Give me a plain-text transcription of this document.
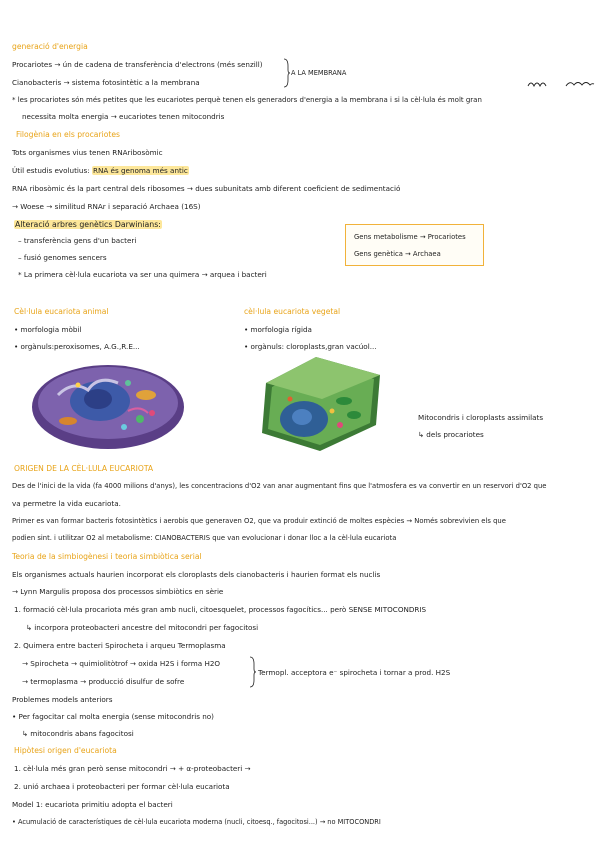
generació d'energia
Procariotes → ún de cadena de transferència d'electrons (més senzill)
Cianobacteris → sistema fotosintètic a la membrana
A LA MEMBRANA
* les procariotes són més petites que les eucariotes perquè tenen els generadors d'energia a la membrana i si la cèl·lula és molt gran
necessita molta energia → eucariotes tenen mitocondris
Filogènia en els procariotes
Tots organismes vius tenen RNAribosòmic
Útil estudis evolutius: RNA és genoma més antic
RNA ribosòmic és la part central dels ribosomes → dues subunitats amb diferent coeficient de sedimentació
→ Woese → similitud RNAr i separació Archaea (16S)
Alteració arbres genètics Darwinians:
– transferència gens d'un bacteri
– fusió genomes sencers
* La primera cèl·lula eucariota va ser una quimera → arquea i bacteri
Gens metabolisme → Procariotes
Gens genètica → Archaea
Cèl·lula eucariota animal
• morfologia mòbil
• orgànuls:peroxisomes, A.G.,R.E...
cèl·lula eucariota vegetal
• morfologia rígida
• orgànuls: cloroplasts,gran vacúol...
Mitocondris i cloroplasts assimilats
↳ dels procariotes
ORIGEN DE LA CÈL·LULA EUCARIOTA
Des de l'inici de la vida (fa 4000 milions d'anys), les concentracions d'O2 van anar augmentant fins que l'atmosfera es va convertir en un reservori d'O2 que
va permetre la vida eucariota.
Primer es van formar bacteris fotosintètics i aerobis que generaven O2, que va produir extinció de moltes espècies → Només sobrevivien els que
podien sint. i utilitzar O2 al metabolisme: CIANOBACTERIS que van evolucionar i donar lloc a la cèl·lula eucariota
Teoria de la simbiogènesi i teoria simbiòtica serial
Els organismes actuals haurien incorporat els cloroplasts dels cianobacteris i haurien format els nuclis
→ Lynn Margulis proposa dos processos simbiòtics en sèrie
1. formació cèl·lula procariota més gran amb nucli, citoesquelet, processos fagocítics... però SENSE MITOCONDRIS
↳ incorpora proteobacteri ancestre del mitocondri per fagocitosi
2. Quimera entre bacteri Spirocheta i arqueu Termoplasma
→ Spirocheta → quimiolitòtrof → oxida H2S i forma H2O
→ termoplasma → producció disulfur de sofre
Termopl. acceptora e⁻ spirocheta i tornar a prod. H2S
Problemes models anteriors
• Per fagocitar cal molta energia (sense mitocondris no)
↳ mitocondris abans fagocitosi
Hipòtesi origen d'eucariota
1. cèl·lula més gran però sense mitocondri → + α-proteobacteri →
2. unió archaea i proteobacteri per formar cèl·lula eucariota
Model 1: eucariota primitiu adopta el bacteri
• Acumulació de característiques de cèl·lula eucariota moderna (nucli, citoesq., fagocitosi...) → no MITOCONDRI
